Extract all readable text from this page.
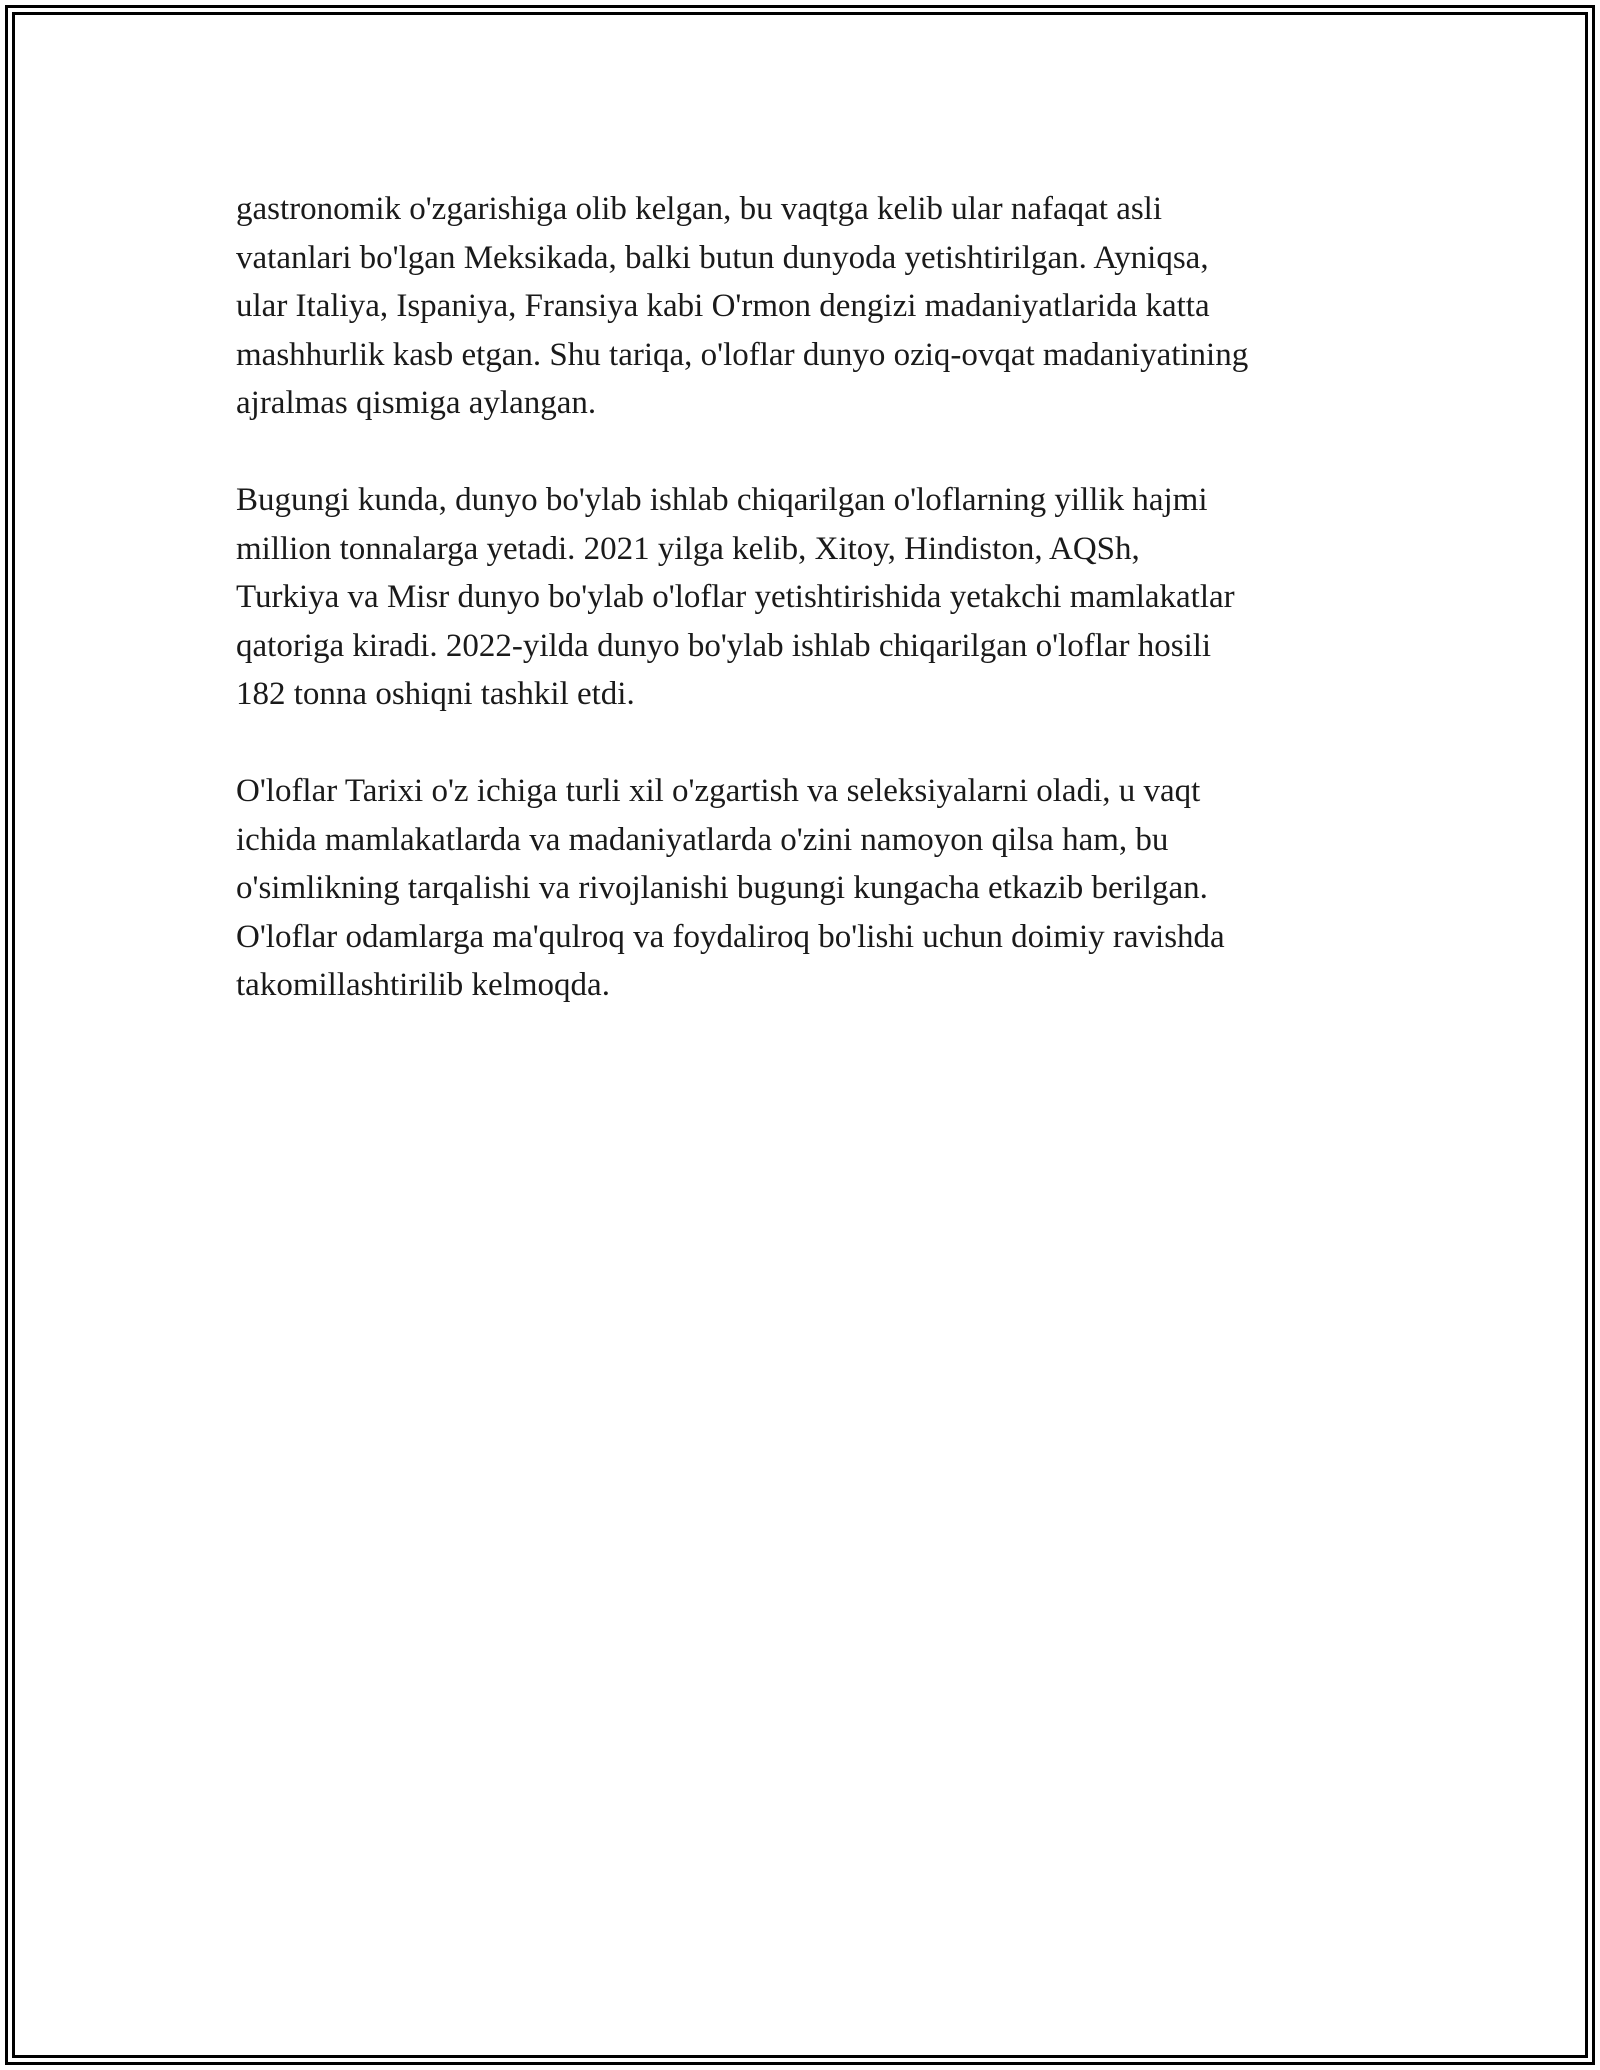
gastronomik o'zgarishiga olib kelgan, bu vaqtga kelib ular nafaqat asli
vatanlari bo'lgan Meksikada, balki butun dunyoda yetishtirilgan. Ayniqsa,
ular Italiya, Ispaniya, Fransiya kabi O'rmon dengizi madaniyatlarida katta
mashhurlik kasb etgan. Shu tariqa, o'loflar dunyo oziq-ovqat madaniyatining
ajralmas qismiga aylangan.

Bugungi kunda, dunyo bo'ylab ishlab chiqarilgan o'loflarning yillik hajmi
million tonnalarga yetadi. 2021 yilga kelib, Xitoy, Hindiston, AQSh,
Turkiya va Misr dunyo bo'ylab o'loflar yetishtirishida yetakchi mamlakatlar
qatoriga kiradi. 2022-yilda dunyo bo'ylab ishlab chiqarilgan o'loflar hosili
182 tonna oshiqni tashkil etdi.

O'loflar Tarixi o'z ichiga turli xil o'zgartish va seleksiyalarni oladi, u vaqt
ichida mamlakatlarda va madaniyatlarda o'zini namoyon qilsa ham, bu
o'simlikning tarqalishi va rivojlanishi bugungi kungacha etkazib berilgan.
O'loflar odamlarga ma'qulroq va foydaliroq bo'lishi uchun doimiy ravishda
takomillashtirilib kelmoqda.
